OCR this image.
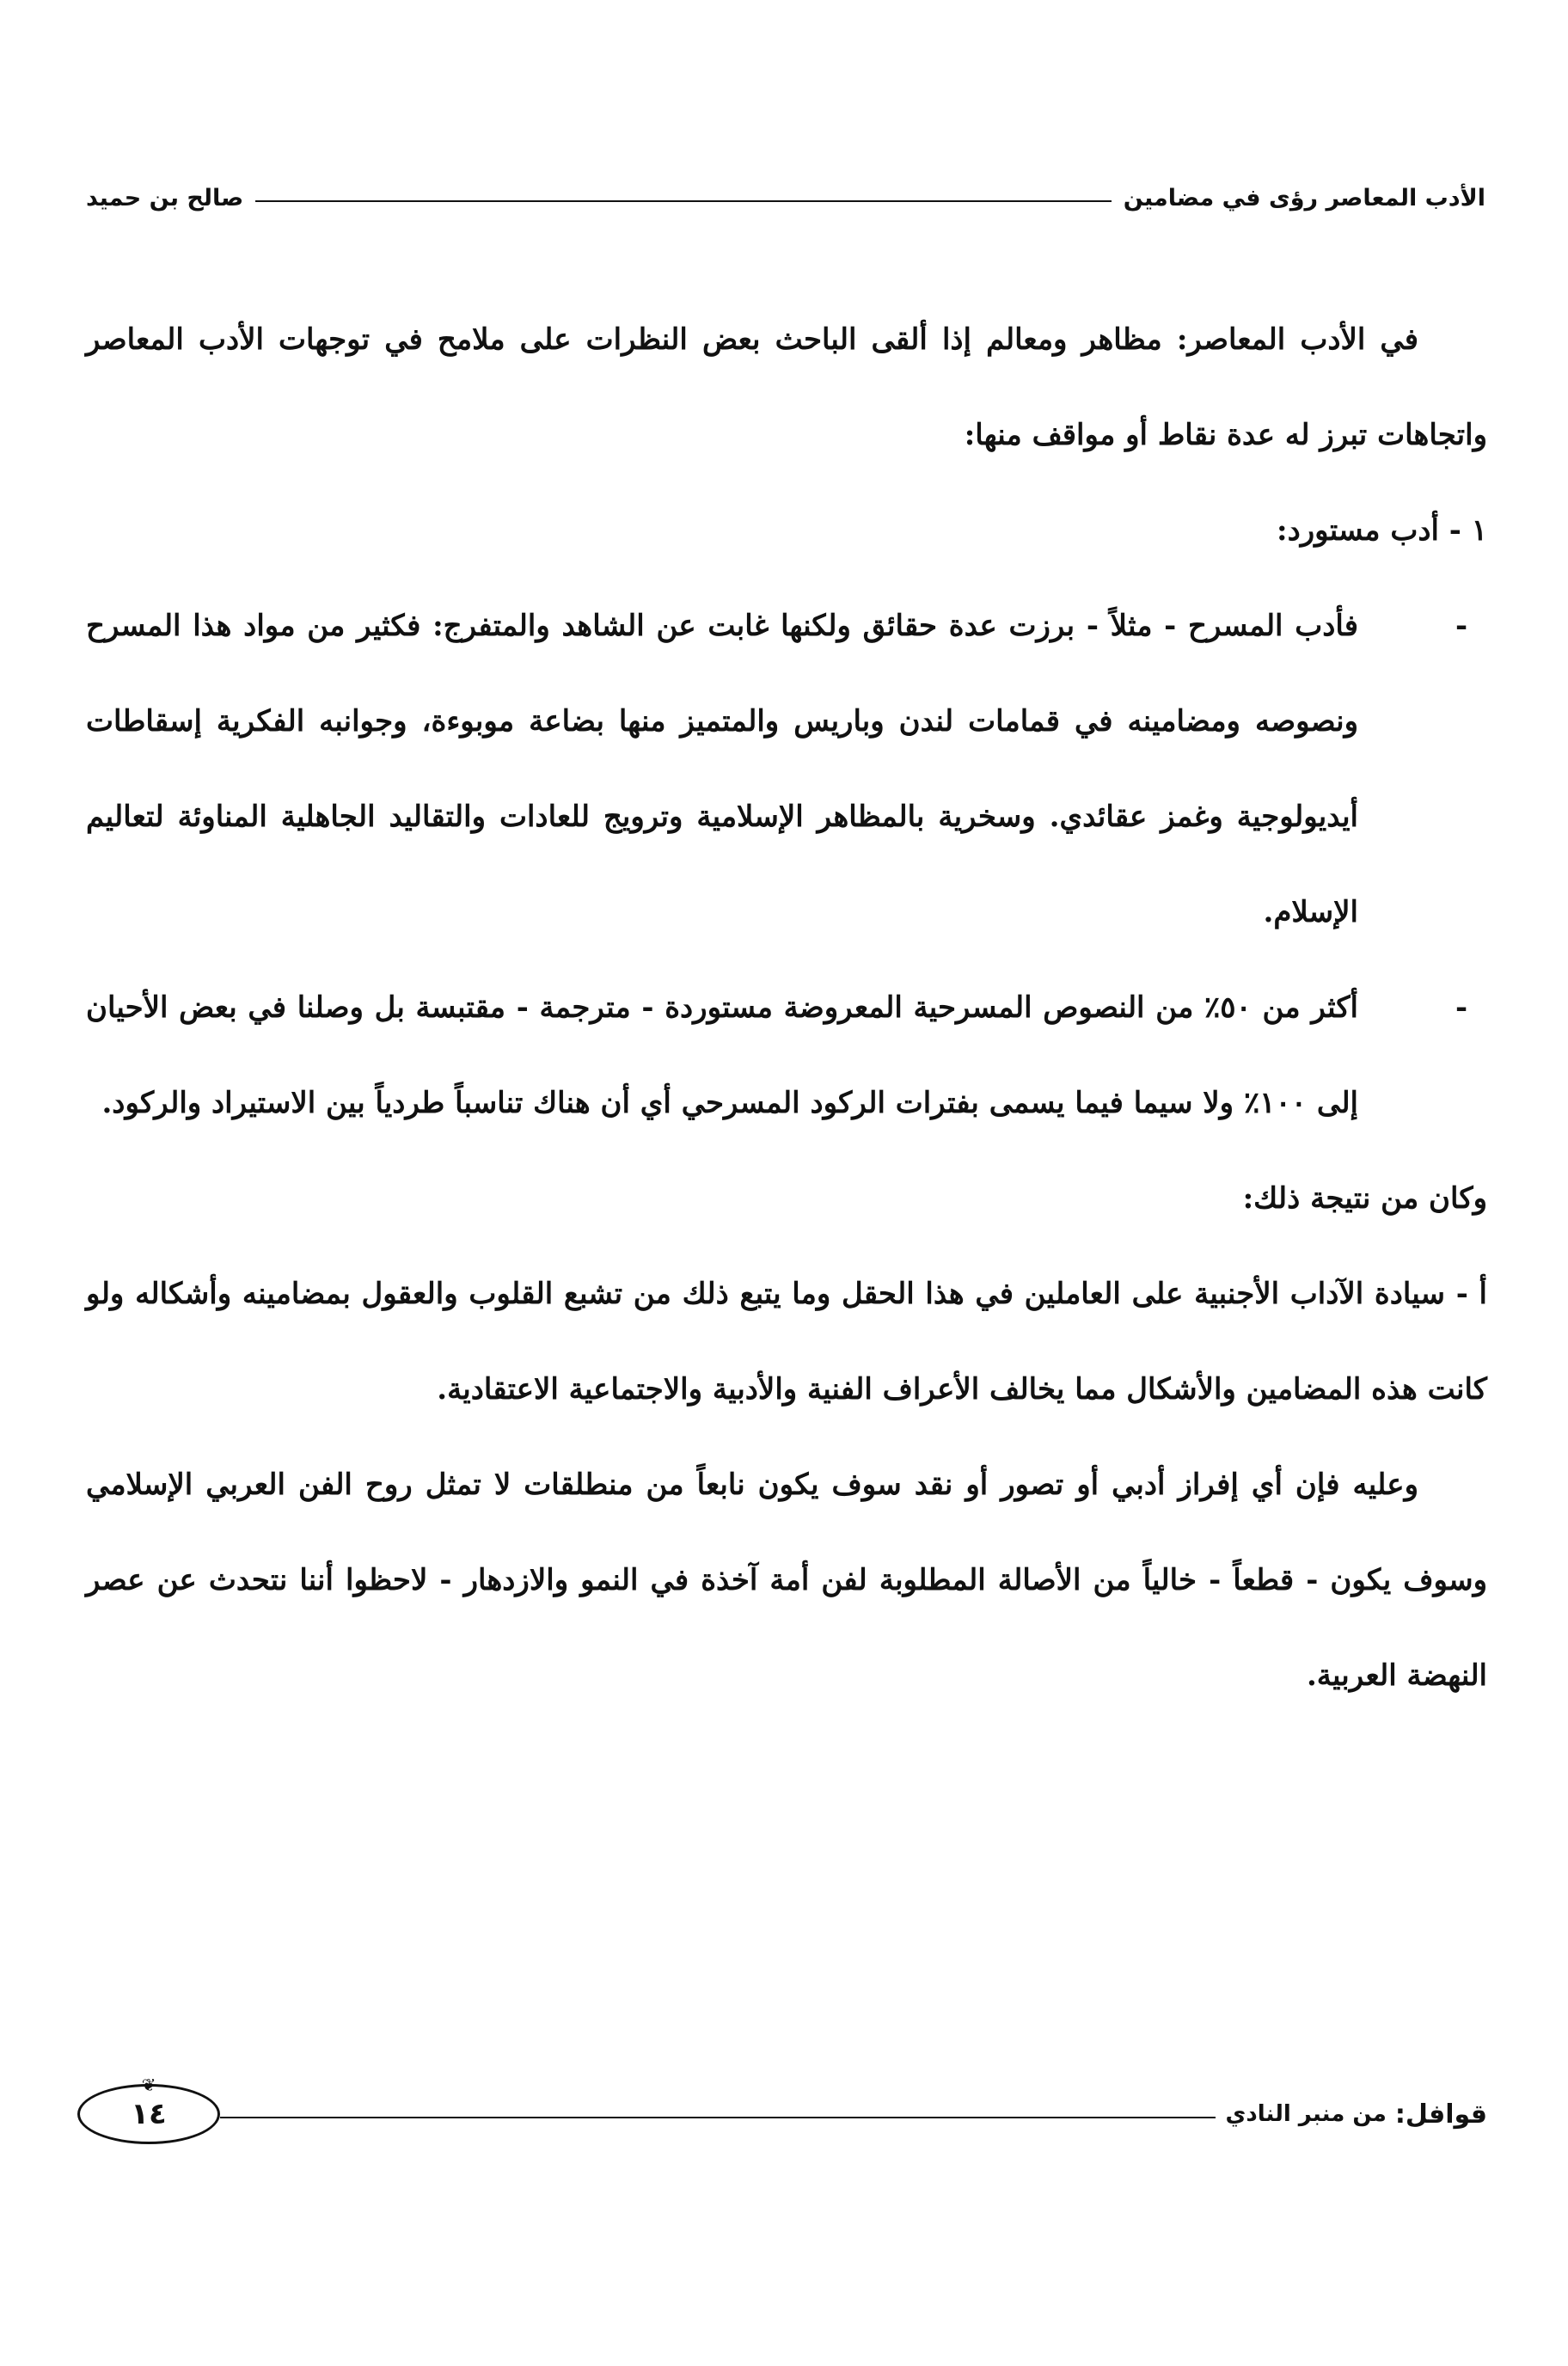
الأدب المعاصر رؤى في مضامين
صالح بن حميد

في الأدب المعاصر: مظاهر ومعالم إذا ألقى الباحث بعض النظرات على ملامح في توجهات الأدب المعاصر واتجاهات تبرز له عدة نقاط أو مواقف منها:

١ - أدب مستورد:

-
فأدب المسرح - مثلاً - برزت عدة حقائق ولكنها غابت عن الشاهد والمتفرج: فكثير من مواد هذا المسرح ونصوصه ومضامينه في قمامات لندن وباريس والمتميز منها بضاعة موبوءة، وجوانبه الفكرية إسقاطات أيديولوجية وغمز عقائدي. وسخرية بالمظاهر الإسلامية وترويج للعادات والتقاليد الجاهلية المناوئة لتعاليم الإسلام.

-
أكثر من ٥٠٪ من النصوص المسرحية المعروضة مستوردة - مترجمة - مقتبسة بل وصلنا في بعض الأحيان إلى ١٠٠٪ ولا سيما فيما يسمى بفترات الركود المسرحي أي أن هناك تناسباً طردياً بين الاستيراد والركود.

وكان من نتيجة ذلك:

أ - سيادة الآداب الأجنبية على العاملين في هذا الحقل وما يتبع ذلك من تشبع القلوب والعقول بمضامينه وأشكاله ولو كانت هذه المضامين والأشكال مما يخالف الأعراف الفنية والأدبية والاجتماعية الاعتقادية.

وعليه فإن أي إفراز أدبي أو تصور أو نقد سوف يكون نابعاً من منطلقات لا تمثل روح الفن العربي الإسلامي وسوف يكون - قطعاً - خالياً من الأصالة المطلوبة لفن أمة آخذة في النمو والازدهار - لاحظوا أننا نتحدث عن عصر النهضة العربية.

قوافل:
من منبر النادي
❦
١٤
